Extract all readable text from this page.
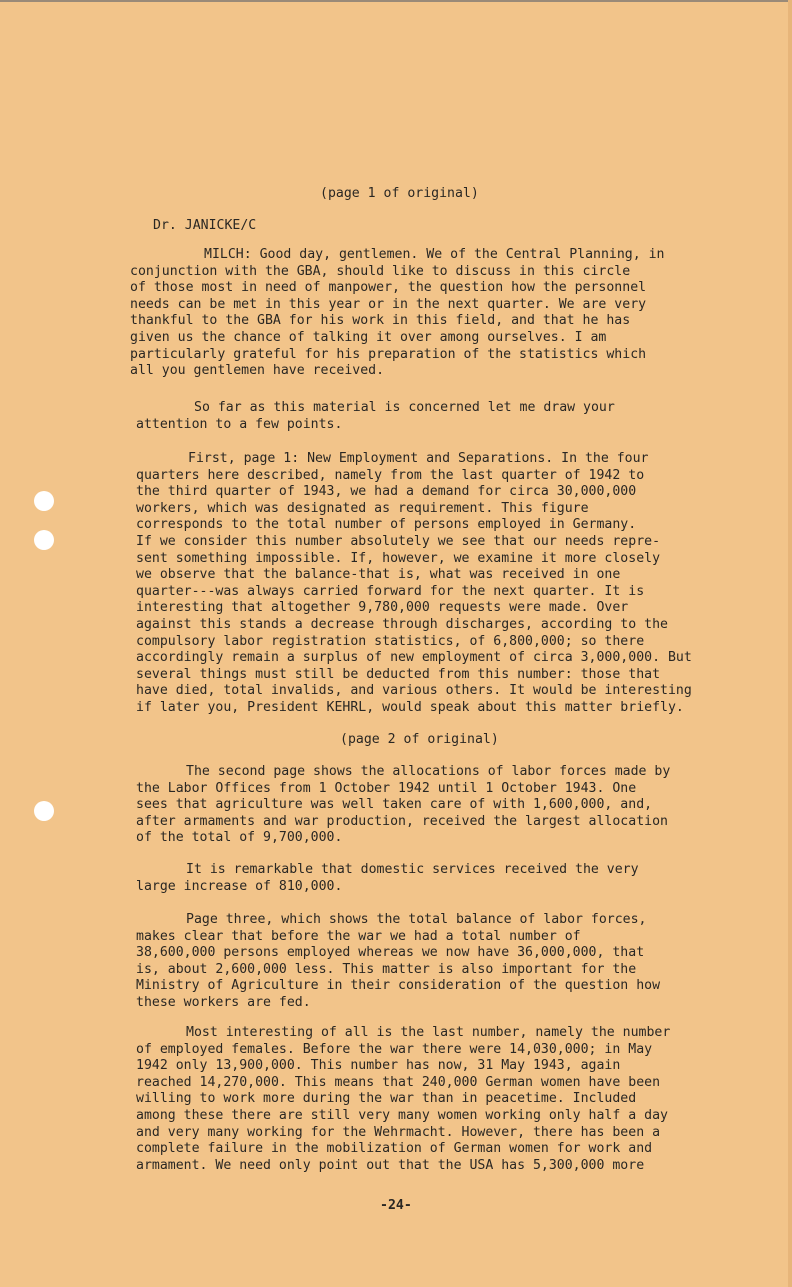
(page 1 of original)
Dr. JANICKE/C
MILCH: Good day, gentlemen. We of the Central Planning, in
conjunction with the GBA, should like to discuss in this circle
of those most in need of manpower, the question how the personnel
needs can be met in this year or in the next quarter. We are very
thankful to the GBA for his work in this field, and that he has
given us the chance of talking it over among ourselves. I am
particularly grateful for his preparation of the statistics which
all you gentlemen have received.
So far as this material is concerned let me draw your
attention to a few points.
First, page 1: New Employment and Separations. In the four
quarters here described, namely from the last quarter of 1942 to
the third quarter of 1943, we had a demand for circa 30,000,000
workers, which was designated as requirement. This figure
corresponds to the total number of persons employed in Germany.
If we consider this number absolutely we see that our needs repre-
sent something impossible. If, however, we examine it more closely
we observe that the balance-that is, what was received in one
quarter---was always carried forward for the next quarter. It is
interesting that altogether 9,780,000 requests were made. Over
against this stands a decrease through discharges, according to the
compulsory labor registration statistics, of 6,800,000; so there
accordingly remain a surplus of new employment of circa 3,000,000. But
several things must still be deducted from this number: those that
have died, total invalids, and various others. It would be interesting
if later you, President KEHRL, would speak about this matter briefly.
(page 2 of original)
The second page shows the allocations of labor forces made by
the Labor Offices from 1 October 1942 until 1 October 1943. One
sees that agriculture was well taken care of with 1,600,000, and,
after armaments and war production, received the largest allocation
of the total of 9,700,000.
It is remarkable that domestic services received the very
large increase of 810,000.
Page three, which shows the total balance of labor forces,
makes clear that before the war we had a total number of
38,600,000 persons employed whereas we now have 36,000,000, that
is, about 2,600,000 less. This matter is also important for the
Ministry of Agriculture in their consideration of the question how
these workers are fed.
Most interesting of all is the last number, namely the number
of employed females. Before the war there were 14,030,000; in May
1942 only 13,900,000. This number has now, 31 May 1943, again
reached 14,270,000. This means that 240,000 German women have been
willing to work more during the war than in peacetime. Included
among these there are still very many women working only half a day
and very many working for the Wehrmacht. However, there has been a
complete failure in the mobilization of German women for work and
armament. We need only point out that the USA has 5,300,000 more
-24-
